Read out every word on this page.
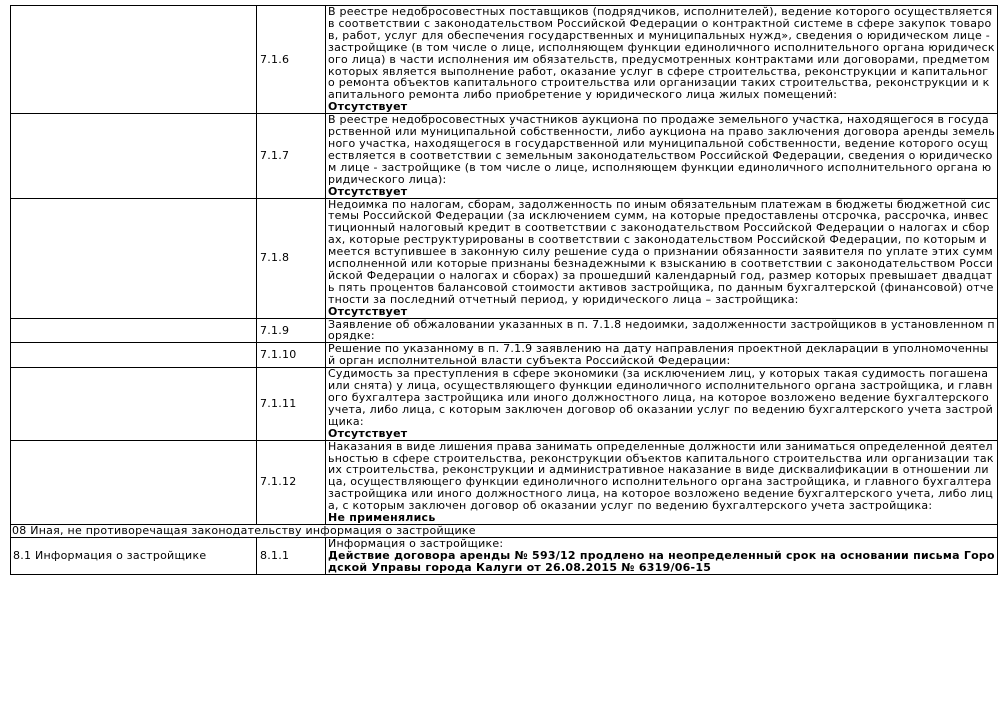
	7.1.6	В реестре недобросовестных поставщиков (подрядчиков, исполнителей), ведение которого осуществляется в соответствии с законодательством Российской Федерации о контрактной системе в сфере закупок товаров, работ, услуг для обеспечения государственных и муниципальных нужд», сведения о юридическом лице - застройщике (в том числе о лице, исполняющем функции единоличного исполнительного органа юридического лица) в части исполнения им обязательств, предусмотренных контрактами или договорами, предметом которых является выполнение работ, оказание услуг в сфере строительства, реконструкции и капитального ремонта объектов капитального строительства или организации таких строительства, реконструкции и капитального ремонта либо приобретение у юридического лица жилых помещений:
Отсутствует
	7.1.7	В реестре недобросовестных участников аукциона по продаже земельного участка, находящегося в государственной или муниципальной собственности, либо аукциона на право заключения договора аренды земельного участка, находящегося в государственной или муниципальной собственности, ведение которого осуществляется в соответствии с земельным законодательством Российской Федерации, сведения о юридическом лице - застройщике (в том числе о лице, исполняющем функции единоличного исполнительного органа юридического лица):
Отсутствует
	7.1.8	Недоимка по налогам, сборам, задолженность по иным обязательным платежам в бюджеты бюджетной системы Российской Федерации (за исключением сумм, на которые предоставлены отсрочка, рассрочка, инвестиционный налоговый кредит в соответствии с законодательством Российской Федерации о налогах и сборах, которые реструктурированы в соответствии с законодательством Российской Федерации, по которым имеется вступившее в законную силу решение суда о признании обязанности заявителя по уплате этих сумм исполненной или которые признаны безнадежными к взысканию в соответствии с законодательством Российской Федерации о налогах и сборах) за прошедший календарный год, размер которых превышает двадцать пять процентов балансовой стоимости активов застройщика, по данным бухгалтерской (финансовой) отчетности за последний отчетный период, у юридического лица – застройщика:
Отсутствует
	7.1.9	Заявление об обжаловании указанных в п. 7.1.8 недоимки, задолженности застройщиков в установленном порядке:
	7.1.10	Решение по указанному в п. 7.1.9 заявлению на дату направления проектной декларации в уполномоченный орган исполнительной власти субъекта Российской Федерации:
	7.1.11	Судимость за преступления в сфере экономики (за исключением лиц, у которых такая судимость погашена или снята) у лица, осуществляющего функции единоличного исполнительного органа застройщика, и главного бухгалтера застройщика или иного должностного лица, на которое возложено ведение бухгалтерского учета, либо лица, с которым заключен договор об оказании услуг по ведению бухгалтерского учета застройщика:
Отсутствует
	7.1.12	Наказания в виде лишения права занимать определенные должности или заниматься определенной деятельностью в сфере строительства, реконструкции объектов капитального строительства или организации таких строительства, реконструкции и административное наказание в виде дисквалификации в отношении лица, осуществляющего функции единоличного исполнительного органа застройщика, и главного бухгалтера застройщика или иного должностного лица, на которое возложено ведение бухгалтерского учета, либо лица, с которым заключен договор об оказании услуг по ведению бухгалтерского учета застройщика:
Не применялись
08 Иная, не противоречащая законодательству информация о застройщике		
8.1 Информация о застройщике	8.1.1	Информация о застройщике:
Действие договора аренды № 593/12 продлено на неопределенный срок на основании письма Городской Управы города Калуги от 26.08.2015 № 6319/06-15
